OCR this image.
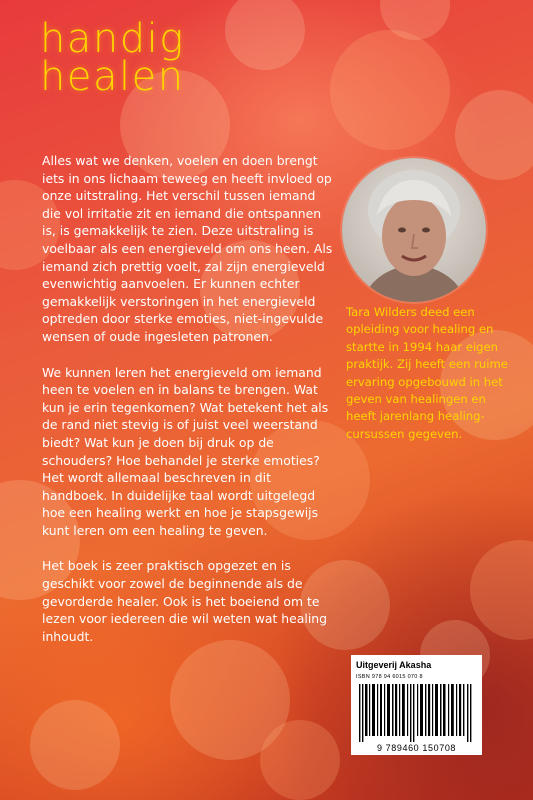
handig
healen

Alles wat we denken, voelen en doen brengt iets in ons lichaam teweeg en heeft invloed op onze uitstraling. Het verschil tussen iemand die vol irritatie zit en iemand die ontspannen is, is gemakkelijk te zien. Deze uitstraling is voelbaar als een energieveld om ons heen. Als iemand zich prettig voelt, zal zijn energieveld evenwichtig aanvoelen. Er kunnen echter gemakkelijk verstoringen in het energieveld optreden door sterke emoties, niet-ingevulde wensen of oude ingesleten patronen.

We kunnen leren het energieveld om iemand heen te voelen en in balans te brengen. Wat kun je erin tegenkomen? Wat betekent het als de rand niet stevig is of juist veel weerstand biedt? Wat kun je doen bij druk op de schouders? Hoe behandel je sterke emoties? Het wordt allemaal beschreven in dit handboek. In duidelijke taal wordt uitgelegd hoe een healing werkt en hoe je stapsgewijs kunt leren om een healing te geven.

Het boek is zeer praktisch opgezet en is geschikt voor zowel de beginnende als de gevorderde healer. Ook is het boeiend om te lezen voor iedereen die wil weten wat healing inhoudt.

Tara Wilders deed een opleiding voor healing en startte in 1994 haar eigen praktijk. Zij heeft een ruime ervaring opgebouwd in het geven van healingen en heeft jarenlang healing-cursussen gegeven.

Uitgeverij Akasha
ISBN 978 94 6015 070 8
9 789460 150708
